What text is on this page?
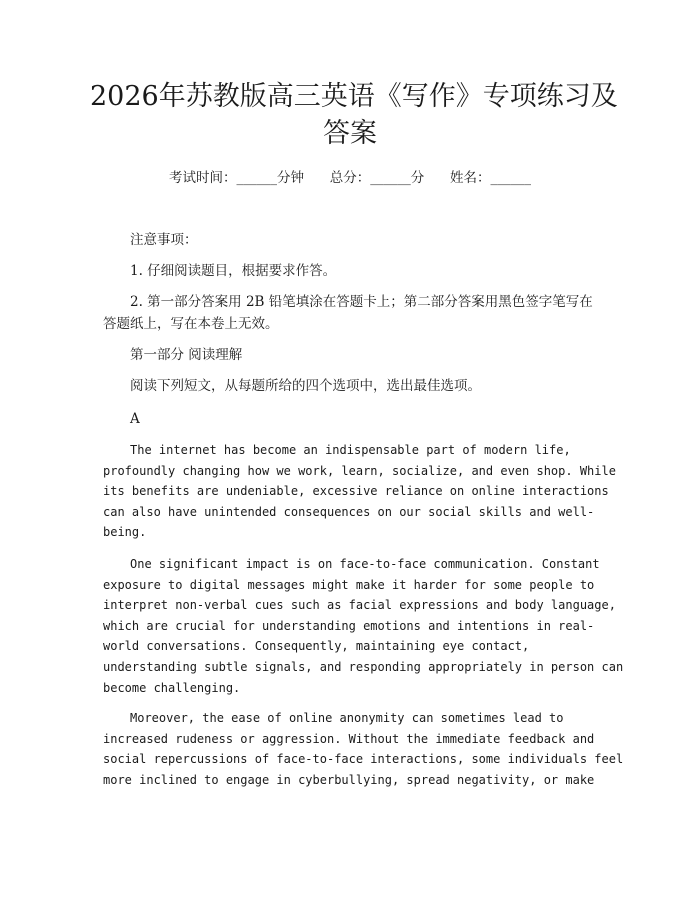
2026年苏教版高三英语《写作》专项练习及
答案
考试时间：______分钟      总分：______分      姓名：______
注意事项：
1. 仔细阅读题目，根据要求作答。
2. 第一部分答案用 2B 铅笔填涂在答题卡上；第二部分答案用黑色签字笔写在答题纸上，写在本卷上无效。
第一部分 阅读理解
阅读下列短文，从每题所给的四个选项中，选出最佳选项。
A
The internet has become an indispensable part of modern life,
profoundly changing how we work, learn, socialize, and even shop. While
its benefits are undeniable, excessive reliance on online interactions
can also have unintended consequences on our social skills and well-
being.
One significant impact is on face-to-face communication. Constant
exposure to digital messages might make it harder for some people to
interpret non-verbal cues such as facial expressions and body language,
which are crucial for understanding emotions and intentions in real-
world conversations. Consequently, maintaining eye contact,
understanding subtle signals, and responding appropriately in person can
become challenging.
Moreover, the ease of online anonymity can sometimes lead to
increased rudeness or aggression. Without the immediate feedback and
social repercussions of face-to-face interactions, some individuals feel
more inclined to engage in cyberbullying, spread negativity, or make
